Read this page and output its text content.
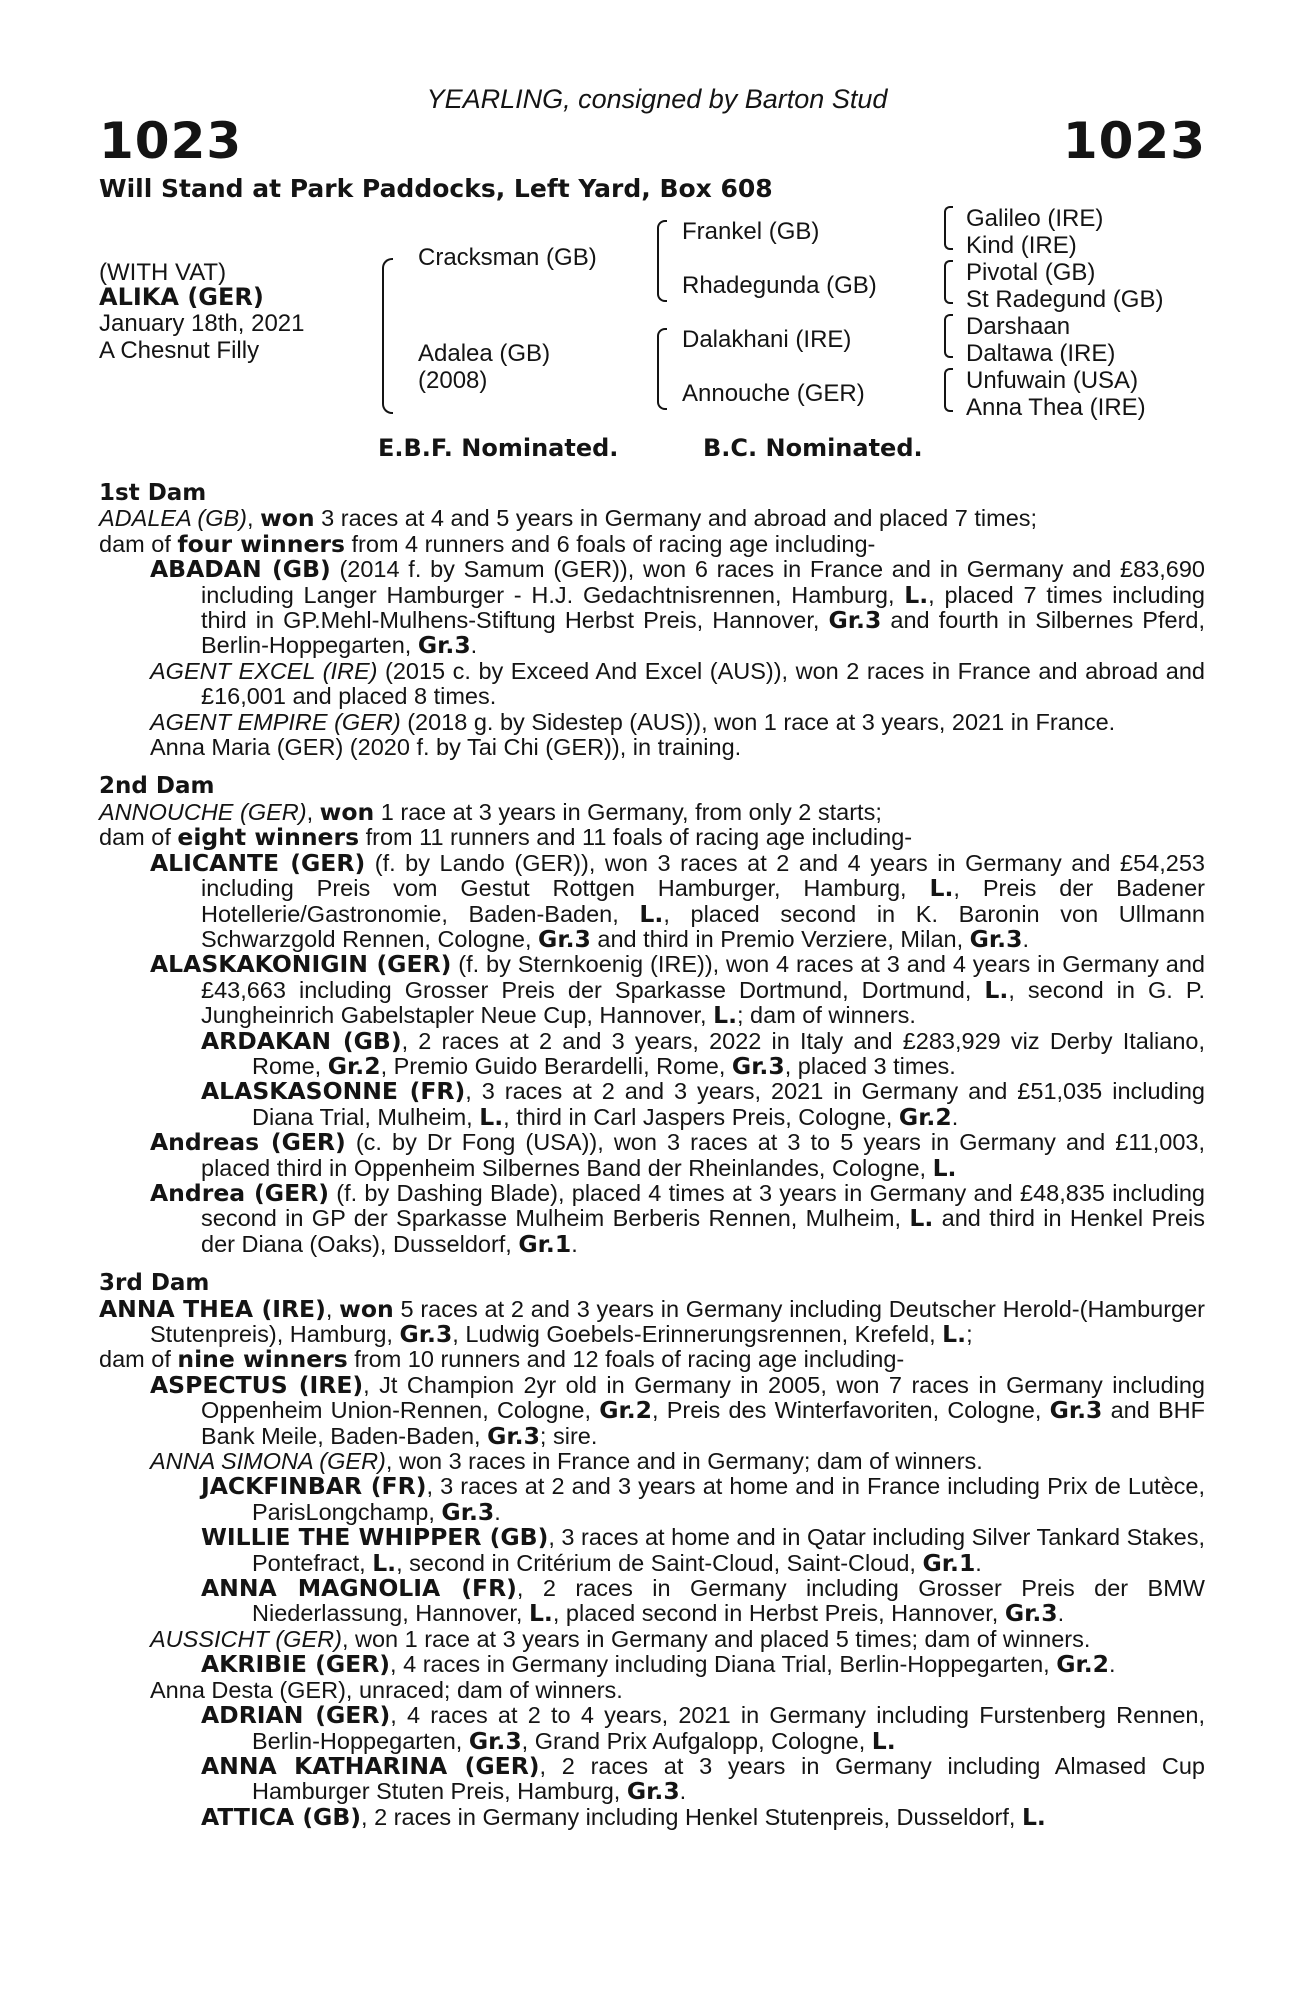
YEARLING, consigned by Barton Stud
1023	1023
Will Stand at Park Paddocks, Left Yard, Box 608
(WITH VAT)
ALIKA (GER)
January 18th, 2021
A Chesnut Filly
Cracksman (GB)
Adalea (GB)
(2008)
Frankel (GB)
Rhadegunda (GB)
Dalakhani (IRE)
Annouche (GER)
Galileo (IRE)
Kind (IRE)
Pivotal (GB)
St Radegund (GB)
Darshaan
Daltawa (IRE)
Unfuwain (USA)
Anna Thea (IRE)
E.B.F. Nominated.	B.C. Nominated.

1st Dam

ADALEA (GB), won 3 races at 4 and 5 years in Germany and abroad and placed 7 times;

dam of four winners from 4 runners and 6 foals of racing age including-

ABADAN (GB) (2014 f. by Samum (GER)), won 6 races in France and in Germany and £83,690 including Langer Hamburger - H.J. Gedachtnisrennen, Hamburg, L., placed 7 times including third in GP.Mehl-Mulhens-Stiftung Herbst Preis, Hannover, Gr.3 and fourth in Silbernes Pferd, Berlin-Hoppegarten, Gr.3.

AGENT EXCEL (IRE) (2015 c. by Exceed And Excel (AUS)), won 2 races in France and abroad and £16,001 and placed 8 times.

AGENT EMPIRE (GER) (2018 g. by Sidestep (AUS)), won 1 race at 3 years, 2021 in France.

Anna Maria (GER) (2020 f. by Tai Chi (GER)), in training.

2nd Dam

ANNOUCHE (GER), won 1 race at 3 years in Germany, from only 2 starts;

dam of eight winners from 11 runners and 11 foals of racing age including-

ALICANTE (GER) (f. by Lando (GER)), won 3 races at 2 and 4 years in Germany and £54,253 including Preis vom Gestut Rottgen Hamburger, Hamburg, L., Preis der Badener Hotellerie/Gastronomie, Baden-Baden, L., placed second in K. Baronin von Ullmann Schwarzgold Rennen, Cologne, Gr.3 and third in Premio Verziere, Milan, Gr.3.

ALASKAKONIGIN (GER) (f. by Sternkoenig (IRE)), won 4 races at 3 and 4 years in Germany and £43,663 including Grosser Preis der Sparkasse Dortmund, Dortmund, L., second in G. P. Jungheinrich Gabelstapler Neue Cup, Hannover, L.; dam of winners.

ARDAKAN (GB), 2 races at 2 and 3 years, 2022 in Italy and £283,929 viz Derby Italiano, Rome, Gr.2, Premio Guido Berardelli, Rome, Gr.3, placed 3 times.

ALASKASONNE (FR), 3 races at 2 and 3 years, 2021 in Germany and £51,035 including Diana Trial, Mulheim, L., third in Carl Jaspers Preis, Cologne, Gr.2.

Andreas (GER) (c. by Dr Fong (USA)), won 3 races at 3 to 5 years in Germany and £11,003, placed third in Oppenheim Silbernes Band der Rheinlandes, Cologne, L.

Andrea (GER) (f. by Dashing Blade), placed 4 times at 3 years in Germany and £48,835 including second in GP der Sparkasse Mulheim Berberis Rennen, Mulheim, L. and third in Henkel Preis der Diana (Oaks), Dusseldorf, Gr.1.

3rd Dam

ANNA THEA (IRE), won 5 races at 2 and 3 years in Germany including Deutscher Herold-(Hamburger Stutenpreis), Hamburg, Gr.3, Ludwig Goebels-Erinnerungsrennen, Krefeld, L.;

dam of nine winners from 10 runners and 12 foals of racing age including-

ASPECTUS (IRE), Jt Champion 2yr old in Germany in 2005, won 7 races in Germany including Oppenheim Union-Rennen, Cologne, Gr.2, Preis des Winterfavoriten, Cologne, Gr.3 and BHF Bank Meile, Baden-Baden, Gr.3; sire.

ANNA SIMONA (GER), won 3 races in France and in Germany; dam of winners.

JACKFINBAR (FR), 3 races at 2 and 3 years at home and in France including Prix de Lutèce, ParisLongchamp, Gr.3.

WILLIE THE WHIPPER (GB), 3 races at home and in Qatar including Silver Tankard Stakes, Pontefract, L., second in Critérium de Saint-Cloud, Saint-Cloud, Gr.1.

ANNA MAGNOLIA (FR), 2 races in Germany including Grosser Preis der BMW Niederlassung, Hannover, L., placed second in Herbst Preis, Hannover, Gr.3.

AUSSICHT (GER), won 1 race at 3 years in Germany and placed 5 times; dam of winners.

AKRIBIE (GER), 4 races in Germany including Diana Trial, Berlin-Hoppegarten, Gr.2.

Anna Desta (GER), unraced; dam of winners.

ADRIAN (GER), 4 races at 2 to 4 years, 2021 in Germany including Furstenberg Rennen, Berlin-Hoppegarten, Gr.3, Grand Prix Aufgalopp, Cologne, L.

ANNA KATHARINA (GER), 2 races at 3 years in Germany including Almased Cup Hamburger Stuten Preis, Hamburg, Gr.3.

ATTICA (GB), 2 races in Germany including Henkel Stutenpreis, Dusseldorf, L.
